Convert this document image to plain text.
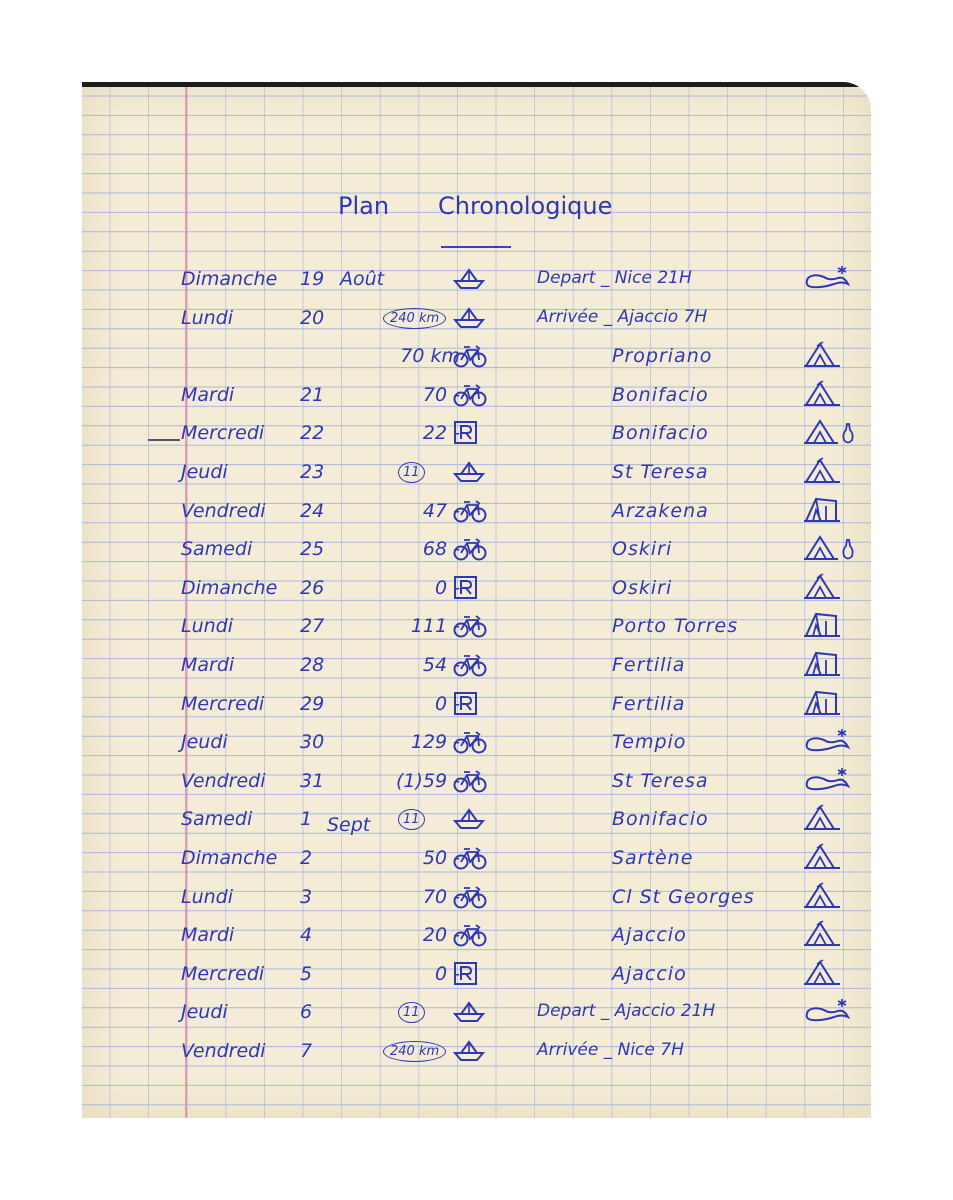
Plan Chronologique
Dimanche 19 Août	Depart _ Nice 21H
Lundi	20	240 km	Arrivée _ Ajaccio 7H
70 km	Propriano
Mardi	21	70 -	Bonifacio
Mercredi 22	22 -	Bonifacio
Jeudi	23	11	St Teresa
Vendredi 24	47 -	Arzakena
Samedi	25	68 -	Oskiri
Dimanche 26	0 -	Oskiri
Lundi	27	111 -	Porto Torres
Mardi	28	54 -	Fertilia
Mercredi 29	0 -	Fertilia
Jeudi	30	129 -	Tempio
Vendredi 31	(1)59 -	St Teresa
Samedi	1 Sept	11	Bonifacio
Dimanche 2	50 -	Sartène
Lundi	3	70 -	Cl St Georges
Mardi	4	20 -	Ajaccio
Mercredi 5	0 -	Ajaccio
Jeudi	6	11	Depart _ Ajaccio 21H
Vendredi 7	240 km	Arrivée _ Nice 7H
